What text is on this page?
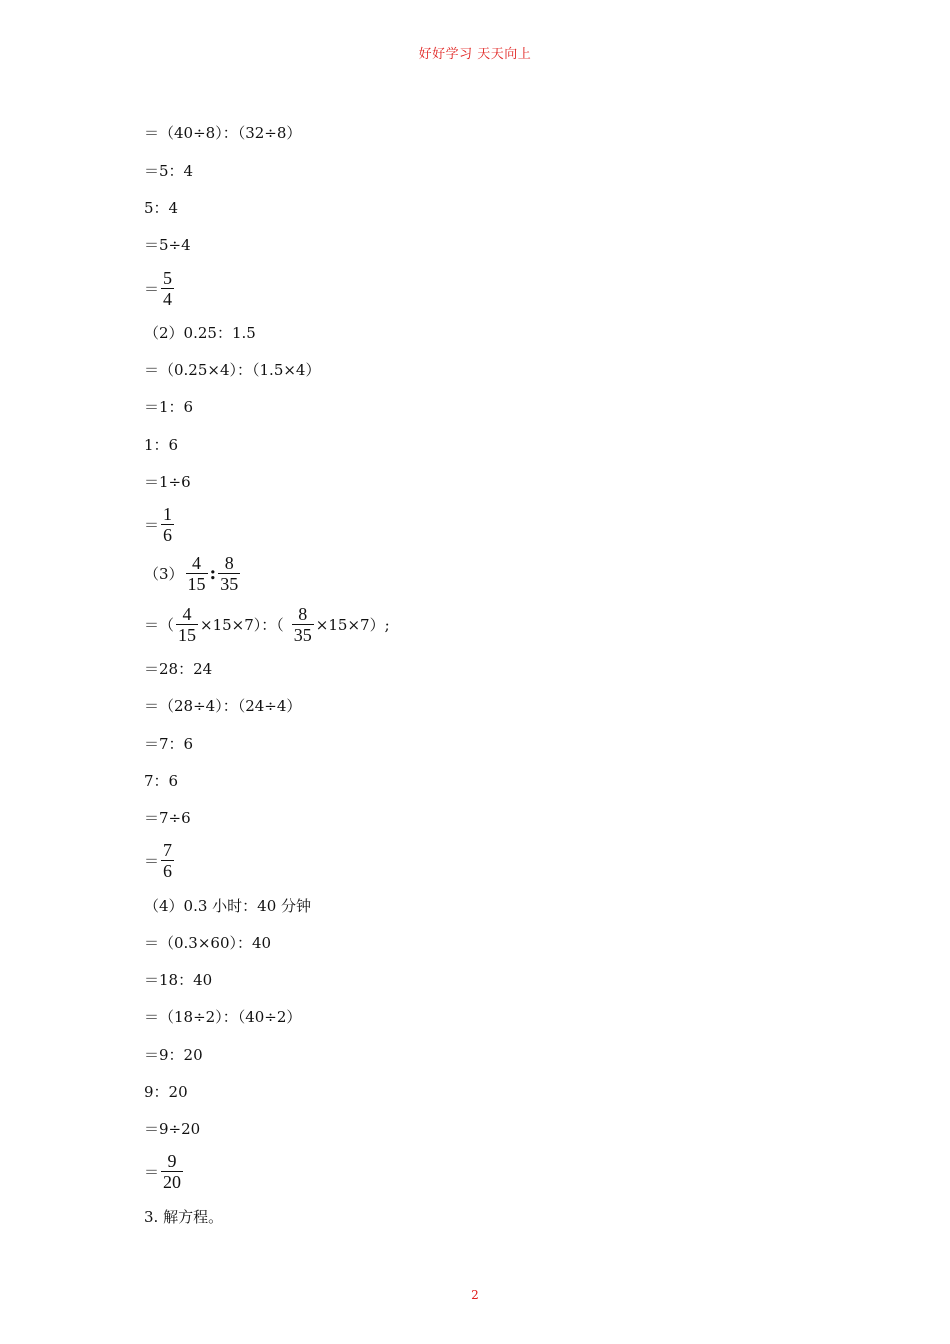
好好学习 天天向上
＝（40÷8）：（32÷8）
＝5：4
5：4
＝5÷4
＝ $\frac{5}{4}$
（2）0.25：1.5
＝（0.25×4）：（1.5×4）
＝1：6
1：6
＝1÷6
＝ $\frac{1}{6}$
$(3) \frac{4}{15}$ : $\frac{8}{35}$
＝（ $\frac{4}{15} \times 15\times 7$）：（ $\frac{8}{35} \times 15\times 7$）;
＝28：24
＝（28÷4）：（24÷4）
＝7：6
7：6
＝7÷6
＝ $\frac{7}{6}$
（4）0.3 小时：40 分钟
＝（0.3×60）：40
＝18：40
＝（18÷2）：（40÷2）
＝9：20
9：20
＝9÷20
＝ $\frac{9}{20}$
3. 解方程。
2
